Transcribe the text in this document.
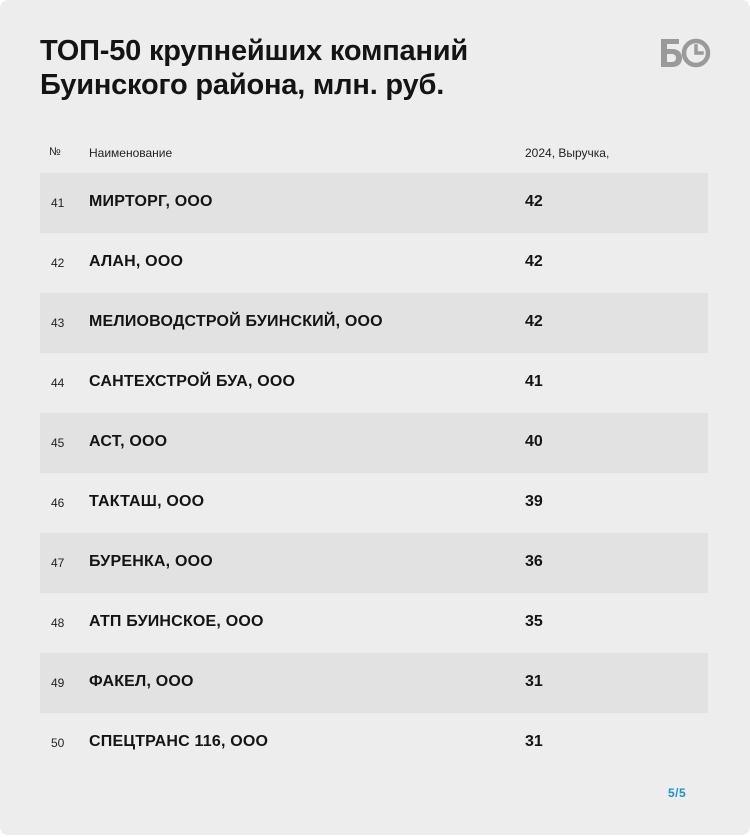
ТОП-50 крупнейших компаний
Буинского района, млн. руб.
№ Наименование	2024, Выручка,
41 МИРТОРГ, ООО	42
42 АЛАН, ООО	42
43 МЕЛИОВОДСТРОЙ БУИНСКИЙ, ООО	42
44 САНТЕХСТРОЙ БУА, ООО	41
45 АСТ, ООО	40
46 ТАКТАШ, ООО	39
47 БУРЕНКА, ООО	36
48 АТП БУИНСКОЕ, ООО	35
49 ФАКЕЛ, ООО	31
50 СПЕЦТРАНС 116, ООО	31
5/5
